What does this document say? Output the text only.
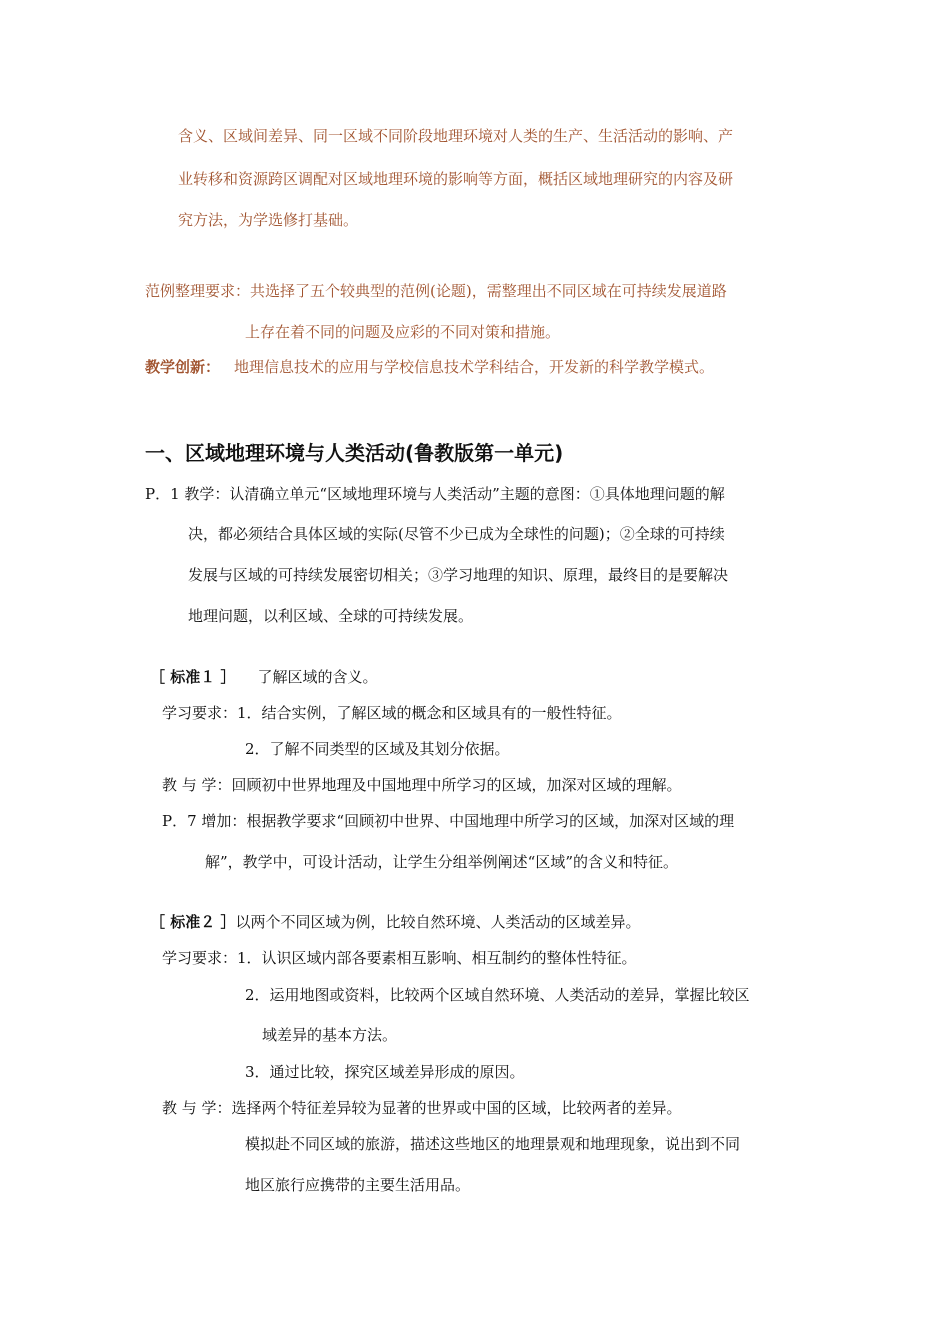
含义、区域间差异、同一区域不同阶段地理环境对人类的生产、生活活动的影响、产
业转移和资源跨区调配对区域地理环境的影响等方面，概括区域地理研究的内容及研
究方法，为学选修打基础。
范例整理要求：共选择了五个较典型的范例(论题)，需整理出不同区域在可持续发展道路
上存在着不同的问题及应彩的不同对策和措施。
教学创新： 地理信息技术的应用与学校信息技术学科结合，开发新的科学教学模式。
一、区域地理环境与人类活动(鲁教版第一单元)
P．1 教学：认清确立单元“区域地理环境与人类活动”主题的意图：①具体地理问题的解
决，都必须结合具体区域的实际(尽管不少已成为全球性的问题)；②全球的可持续
发展与区域的可持续发展密切相关；③学习地理的知识、原理，最终目的是要解决
地理问题，以利区域、全球的可持续发展。
［ 标准１ ］ 了解区域的含义。
学习要求：1．结合实例，了解区域的概念和区域具有的一般性特征。
2．了解不同类型的区域及其划分依据。
教 与 学：回顾初中世界地理及中国地理中所学习的区域，加深对区域的理解。
P．7 增加：根据教学要求“回顾初中世界、中国地理中所学习的区域，加深对区域的理
解”，教学中，可设计活动，让学生分组举例阐述“区域”的含义和特征。
［ 标准２ ］以两个不同区域为例，比较自然环境、人类活动的区域差异。
学习要求：1．认识区域内部各要素相互影响、相互制约的整体性特征。
2．运用地图或资料，比较两个区域自然环境、人类活动的差异，掌握比较区
域差异的基本方法。
3．通过比较，探究区域差异形成的原因。
教 与 学：选择两个特征差异较为显著的世界或中国的区域，比较两者的差异。
模拟赴不同区域的旅游，描述这些地区的地理景观和地理现象，说出到不同
地区旅行应携带的主要生活用品。
